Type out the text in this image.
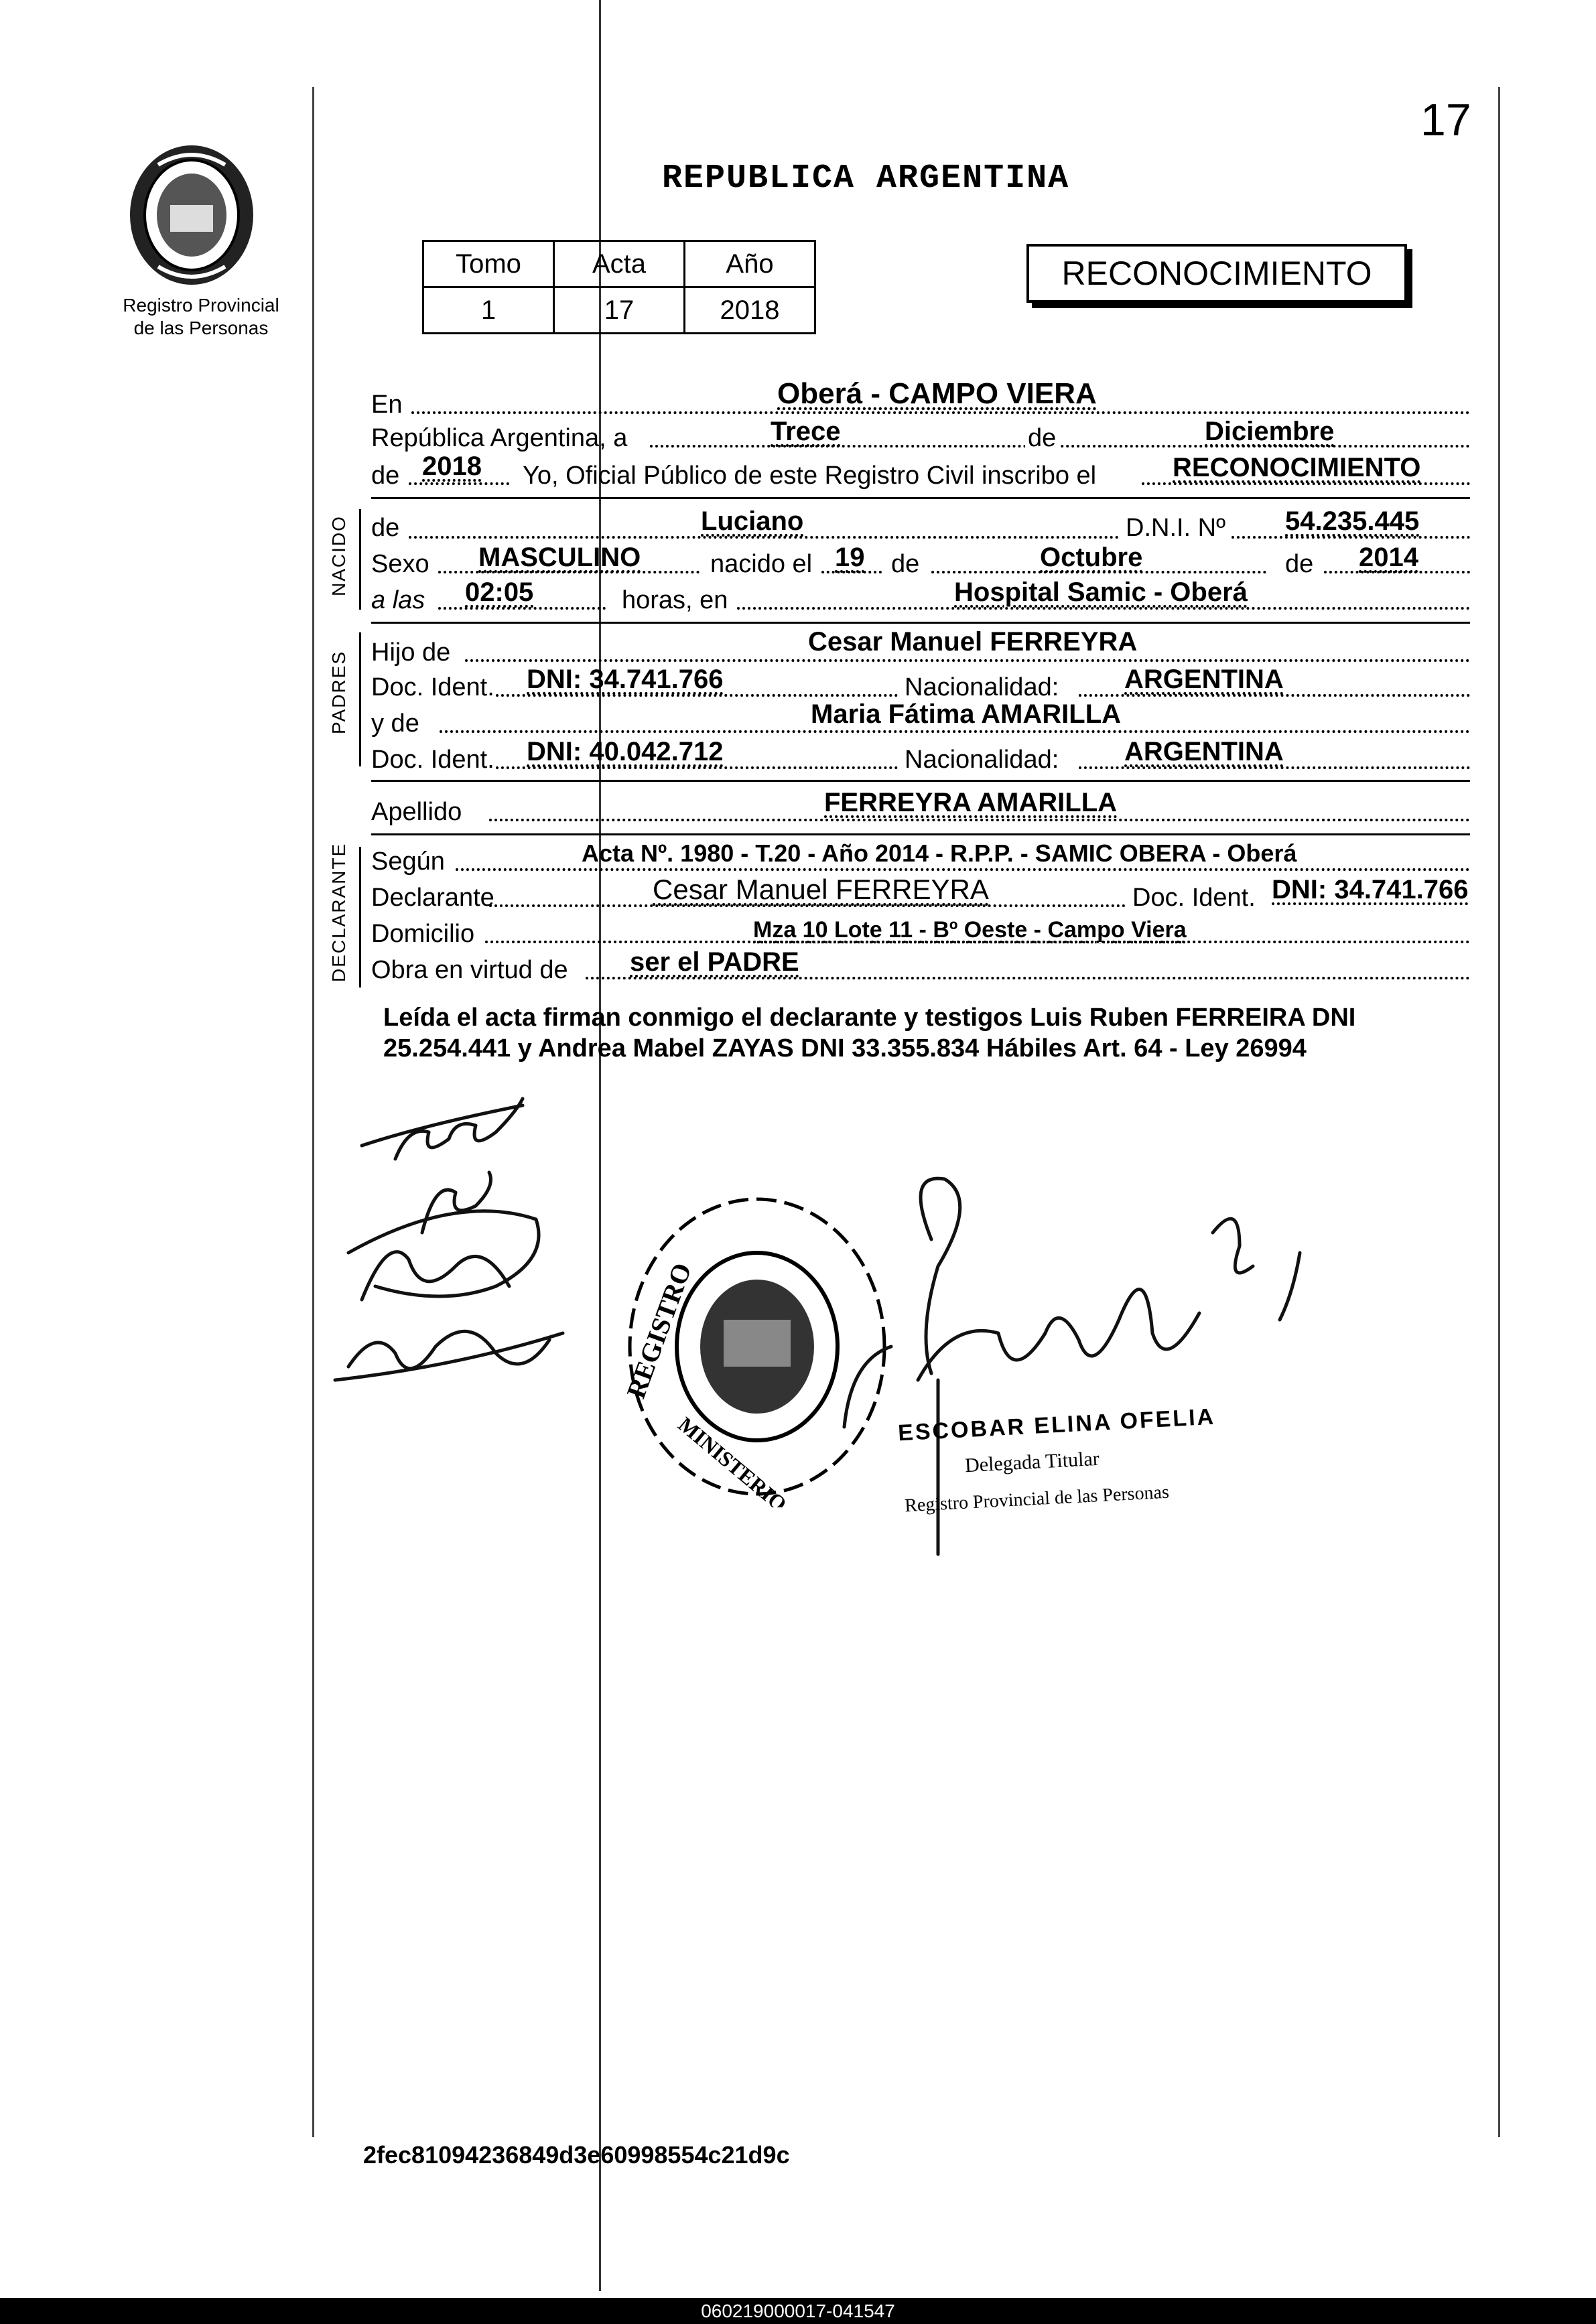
17
Registro Provincial
de las Personas
REPUBLICA ARGENTINA
Tomo	Acta	Año
1	17	2018
RECONOCIMIENTO
En	Oberá - CAMPO VIERA
República Argentina, a	Trece	de	Diciembre
de 2018 Yo, Oficial Público de este Registro Civil inscribo el	RECONOCIMIENTO
NACIDO de	Luciano	D.N.I. Nº 54.235.445
Sexo MASCULINO	nacido el 19 de	Octubre	de 2014
a las 02:05	horas, en	Hospital Samic - Oberá
PADRES Hijo de	Cesar Manuel FERREYRA
Doc. Ident. DNI: 34.741.766	Nacionalidad: ARGENTINA
y de	Maria Fátima AMARILLA
Doc. Ident. DNI: 40.042.712	Nacionalidad: ARGENTINA
Apellido	FERREYRA AMARILLA
DECLARANTE Según	Acta Nº. 1980 - T.20 - Año 2014 - R.P.P. - SAMIC OBERA - Oberá
Declarante	Cesar Manuel FERREYRA	Doc. Ident. DNI: 34.741.766
Domicilio	Mza 10 Lote 11 - Bº Oeste - Campo Viera
Obra en virtud de ser el PADRE
Leída el acta firman conmigo el declarante y testigos Luis Ruben FERREIRA DNI 25.254.441 y Andrea Mabel ZAYAS DNI 33.355.834 Hábiles Art. 64 - Ley 26994
REGISTRO
MINISTERIO	ESCOBAR ELINA OFELIA
Delegada Titular
Registro Provincial de las Personas
2fec81094236849d3e60998554c21d9c
060219000017-041547
